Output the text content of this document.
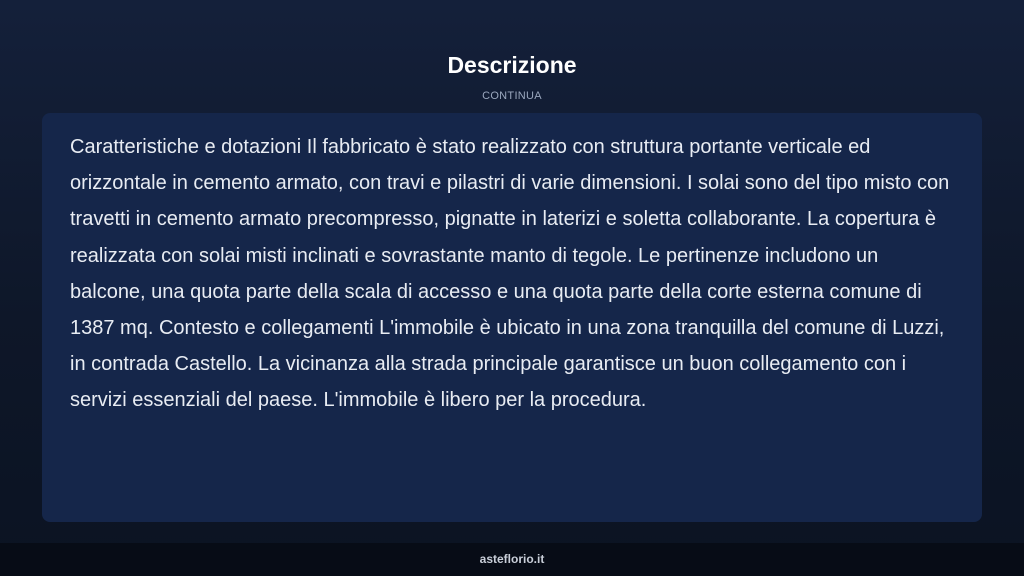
Descrizione
CONTINUA

Caratteristiche e dotazioni Il fabbricato è stato realizzato con struttura portante verticale ed orizzontale in cemento armato, con travi e pilastri di varie dimensioni. I solai sono del tipo misto con travetti in cemento armato precompresso, pignatte in laterizi e soletta collaborante. La copertura è realizzata con solai misti inclinati e sovrastante manto di tegole. Le pertinenze includono un balcone, una quota parte della scala di accesso e una quota parte della corte esterna comune di 1387 mq. Contesto e collegamenti L'immobile è ubicato in una zona tranquilla del comune di Luzzi, in contrada Castello. La vicinanza alla strada principale garantisce un buon collegamento con i servizi essenziali del paese. L'immobile è libero per la procedura.

asteflorio.it
